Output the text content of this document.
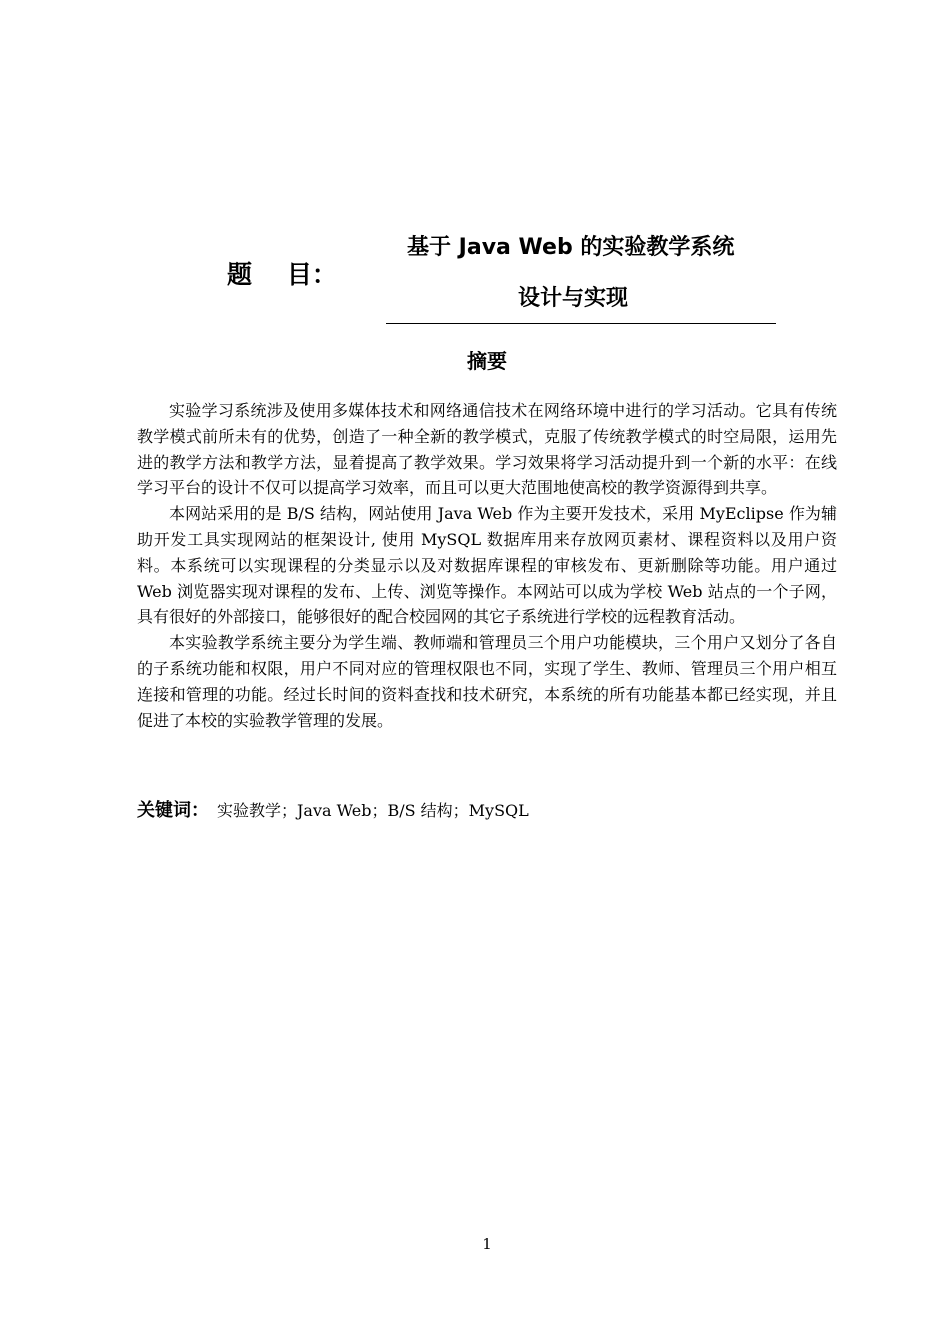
题    目：
基于 Java Web 的实验教学系统
设计与实现
摘要

实验学习系统涉及使用多媒体技术和网络通信技术在网络环境中进行的学习活动。它具有传统教学模式前所未有的优势，创造了一种全新的教学模式，克服了传统教学模式的时空局限，运用先进的教学方法和教学方法，显着提高了教学效果。学习效果将学习活动提升到一个新的水平：在线学习平台的设计不仅可以提高学习效率，而且可以更大范围地使高校的教学资源得到共享。

本网站采用的是 B/S 结构，网站使用 Java Web 作为主要开发技术，采用 MyEclipse 作为辅助开发工具实现网站的框架设计, 使用 MySQL 数据库用来存放网页素材、课程资料以及用户资料。本系统可以实现课程的分类显示以及对数据库课程的审核发布、更新删除等功能。用户通过 Web 浏览器实现对课程的发布、上传、浏览等操作。本网站可以成为学校 Web 站点的一个子网，具有很好的外部接口，能够很好的配合校园网的其它子系统进行学校的远程教育活动。

本实验教学系统主要分为学生端、教师端和管理员三个用户功能模块，三个用户又划分了各自的子系统功能和权限，用户不同对应的管理权限也不同，实现了学生、教师、管理员三个用户相互连接和管理的功能。经过长时间的资料查找和技术研究，本系统的所有功能基本都已经实现，并且促进了本校的实验教学管理的发展。

关键词： 实验教学；Java Web；B/S 结构；MySQL

1
